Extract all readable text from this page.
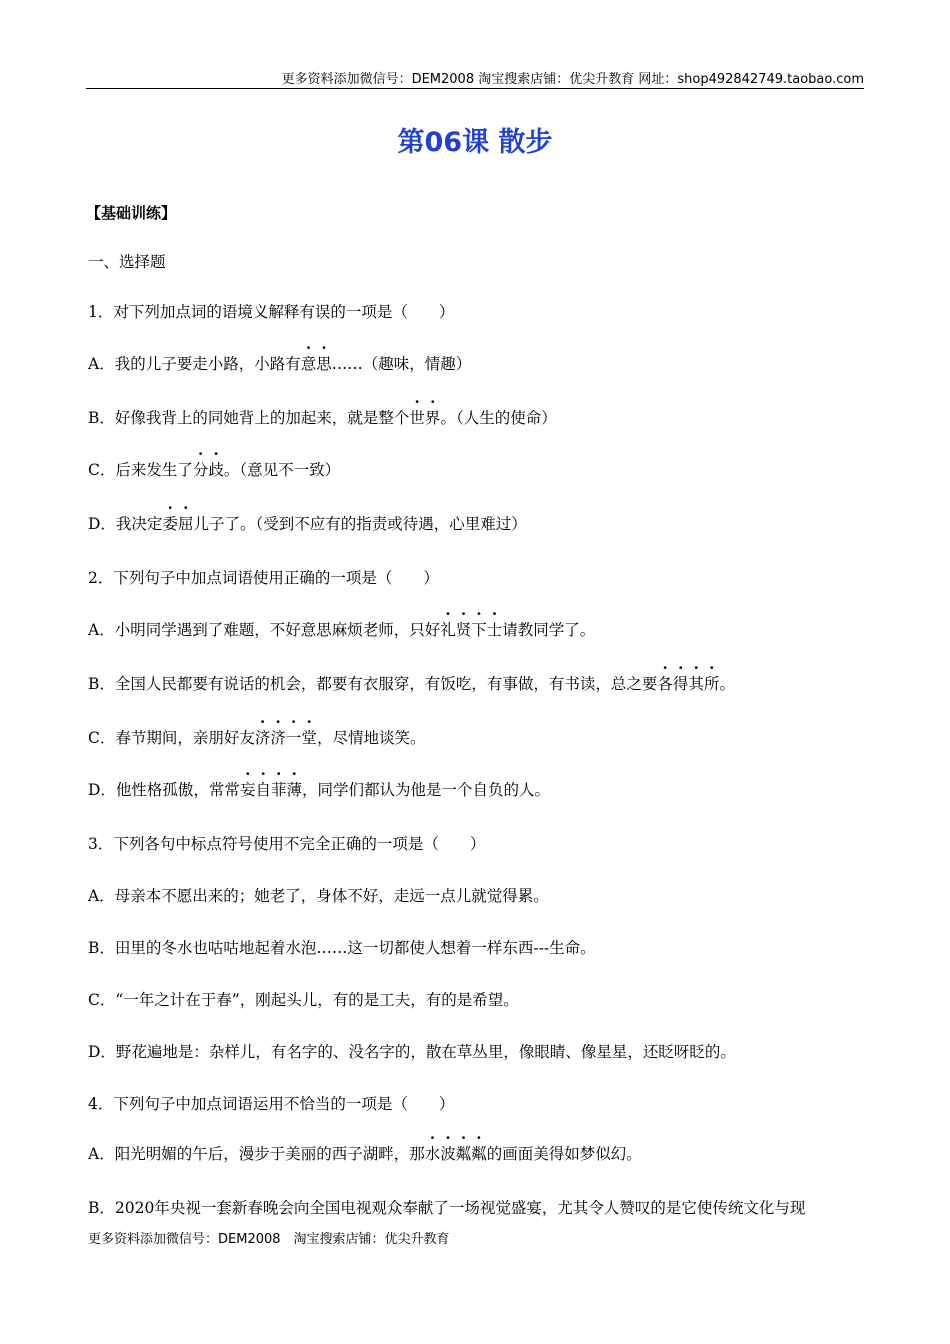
更多资料添加微信号：DEM2008 淘宝搜索店铺：优尖升教育 网址：shop492842749.taobao.com
第06课 散步
【基础训练】
一、选择题
1．对下列加点词的语境义解释有误的一项是（　　）
A．我的儿子要走小路，小路有意思……（趣味，情趣）
B．好像我背上的同她背上的加起来，就是整个世界。（人生的使命）
C．后来发生了分歧。（意见不一致）
D．我决定委屈儿子了。（受到不应有的指责或待遇，心里难过）
2．下列句子中加点词语使用正确的一项是（　　）
A．小明同学遇到了难题，不好意思麻烦老师，只好礼贤下士请教同学了。
B．全国人民都要有说话的机会，都要有衣服穿，有饭吃，有事做，有书读，总之要各得其所。
C．春节期间，亲朋好友济济一堂，尽情地谈笑。
D．他性格孤傲，常常妄自菲薄，同学们都认为他是一个自负的人。
3．下列各句中标点符号使用不完全正确的一项是（　　）
A．母亲本不愿出来的；她老了，身体不好，走远一点儿就觉得累。
B．田里的冬水也咕咕地起着水泡……这一切都使人想着一样东西---生命。
C．“一年之计在于春”，刚起头儿，有的是工夫，有的是希望。
D．野花遍地是：杂样儿，有名字的、没名字的，散在草丛里，像眼睛、像星星，还眨呀眨的。
4．下列句子中加点词语运用不恰当的一项是（　　）
A．阳光明媚的午后，漫步于美丽的西子湖畔，那水波粼粼的画面美得如梦似幻。
B．2020年央视一套新春晚会向全国电视观众奉献了一场视觉盛宴，尤其令人赞叹的是它使传统文化与现
更多资料添加微信号：DEM2008　淘宝搜索店铺：优尖升教育
